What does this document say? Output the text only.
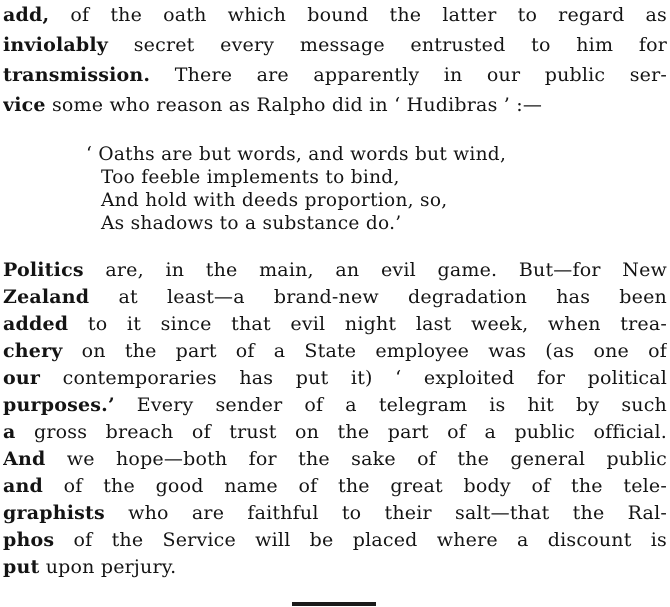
add, of the oath which bound the latter to regard as
inviolably secret every message entrusted to him for
transmission. There are apparently in our public ser-
vice some who reason as Ralpho did in ‘ Hudibras ’ :—
‘ Oaths are but words, and words but wind,
Too feeble implements to bind,
And hold with deeds proportion, so,
As shadows to a substance do.’
Politics are, in the main, an evil game. But—for New
Zealand at least—a brand-new degradation has been
added to it since that evil night last week, when trea-
chery on the part of a State employee was (as one of
our contemporaries has put it) ‘ exploited for political
purposes.’ Every sender of a telegram is hit by such
a gross breach of trust on the part of a public official.
And we hope—both for the sake of the general public
and of the good name of the great body of the tele-
graphists who are faithful to their salt—that the Ral-
phos of the Service will be placed where a discount is
put upon perjury.
